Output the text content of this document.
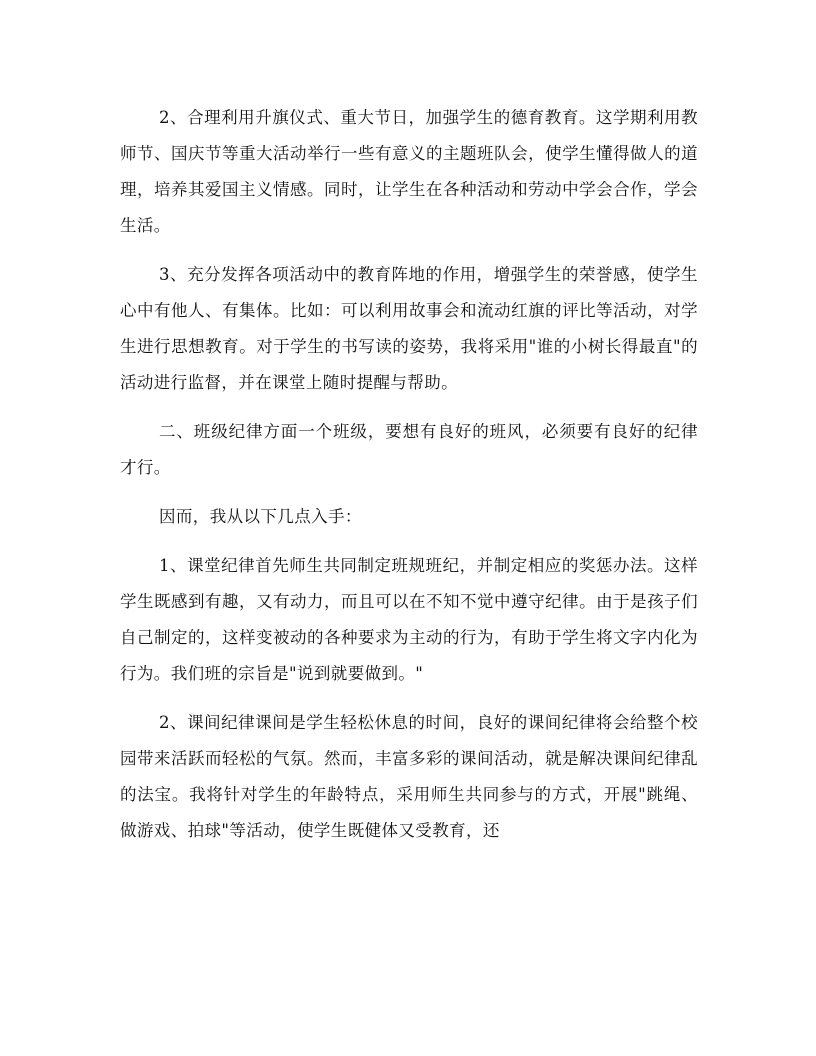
2、合理利用升旗仪式、重大节日，加强学生的德育教育。这学期利用教师节、国庆节等重大活动举行一些有意义的主题班队会，使学生懂得做人的道理，培养其爱国主义情感。同时，让学生在各种活动和劳动中学会合作，学会生活。

3、充分发挥各项活动中的教育阵地的作用，增强学生的荣誉感，使学生心中有他人、有集体。比如：可以利用故事会和流动红旗的评比等活动，对学生进行思想教育。对于学生的书写读的姿势，我将采用"谁的小树长得最直"的活动进行监督，并在课堂上随时提醒与帮助。

二、班级纪律方面一个班级，要想有良好的班风，必须要有良好的纪律才行。

因而，我从以下几点入手：

1、课堂纪律首先师生共同制定班规班纪，并制定相应的奖惩办法。这样学生既感到有趣，又有动力，而且可以在不知不觉中遵守纪律。由于是孩子们自己制定的，这样变被动的各种要求为主动的行为，有助于学生将文字内化为行为。我们班的宗旨是"说到就要做到。"

2、课间纪律课间是学生轻松休息的时间，良好的课间纪律将会给整个校园带来活跃而轻松的气氛。然而，丰富多彩的课间活动，就是解决课间纪律乱的法宝。我将针对学生的年龄特点，采用师生共同参与的方式，开展"跳绳、做游戏、拍球"等活动，使学生既健体又受教育，还
